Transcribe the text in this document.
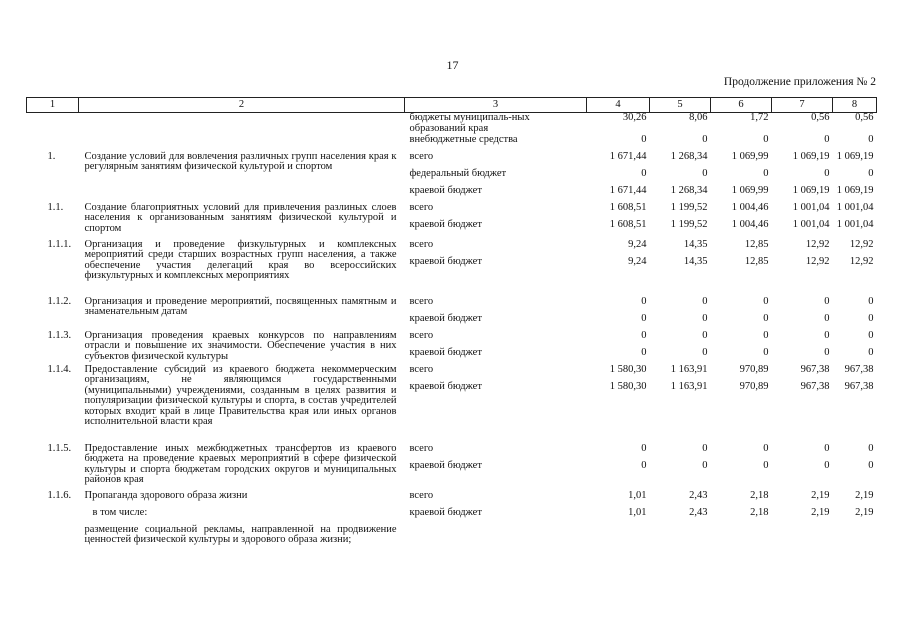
17
Продолжение приложения № 2
1	2	3	4	5	6	7	8
		бюджеты муниципаль-ных образований края	30,26	8,06	1,72	0,56	0,56
		внебюджетные средства	0	0	0	0	0
1.	Создание условий для вовлечения различных групп населения края к регулярным занятиям физической культурой и спортом	всего	1 671,44	1 268,34	1 069,99	1 069,19	1 069,19
		федеральный бюджет	0	0	0	0	0
		краевой бюджет	1 671,44	1 268,34	1 069,99	1 069,19	1 069,19
1.1.	Создание благоприятных условий для привлечения разлиных слоев населения к организованным занятиям физической культурой и спортом	всего	1 608,51	1 199,52	1 004,46	1 001,04	1 001,04
		краевой бюджет	1 608,51	1 199,52	1 004,46	1 001,04	1 001,04
1.1.1.	Организация и проведение физкультурных и комплексных мероприятий среди старших возрастных групп населения, а также обеспечение участия делегаций края во всероссийских физкультурных и комплексных мероприятиях	всего	9,24	14,35	12,85	12,92	12,92
		краевой бюджет	9,24	14,35	12,85	12,92	12,92
1.1.2.	Организация и проведение мероприятий, посвященных памятным и знаменательным датам	всего	0	0	0	0	0
		краевой бюджет	0	0	0	0	0
1.1.3.	Организация проведения краевых конкурсов по направлениям отрасли и повышение их значимости. Обеспечение участия в них субъектов физической культуры	всего	0	0	0	0	0
		краевой бюджет	0	0	0	0	0
1.1.4.	Предоставление субсидий из краевого бюджета некоммерческим организациям, не являющимся государственными (муниципальными) учреждениями, созданным в целях развития и популяризации физической культуры и спорта, в состав учредителей которых входит край в лице Правительства края или иных органов исполнительной власти края	всего	1 580,30	1 163,91	970,89	967,38	967,38
		краевой бюджет	1 580,30	1 163,91	970,89	967,38	967,38
1.1.5.	Предоставление иных межбюджетных трансфертов из краевого бюджета на проведение краевых мероприятий в сфере физической культуры и спорта бюджетам городских округов и муниципальных районов края	всего	0	0	0	0	0
		краевой бюджет	0	0	0	0	0
1.1.6.	Пропаганда здорового образа жизни	всего	1,01	2,43	2,18	2,19	2,19
	в том числе:	краевой бюджет	1,01	2,43	2,18	2,19	2,19
	размещение социальной рекламы, направленной на продвижение ценностей физической культуры и здорового образа жизни;						
